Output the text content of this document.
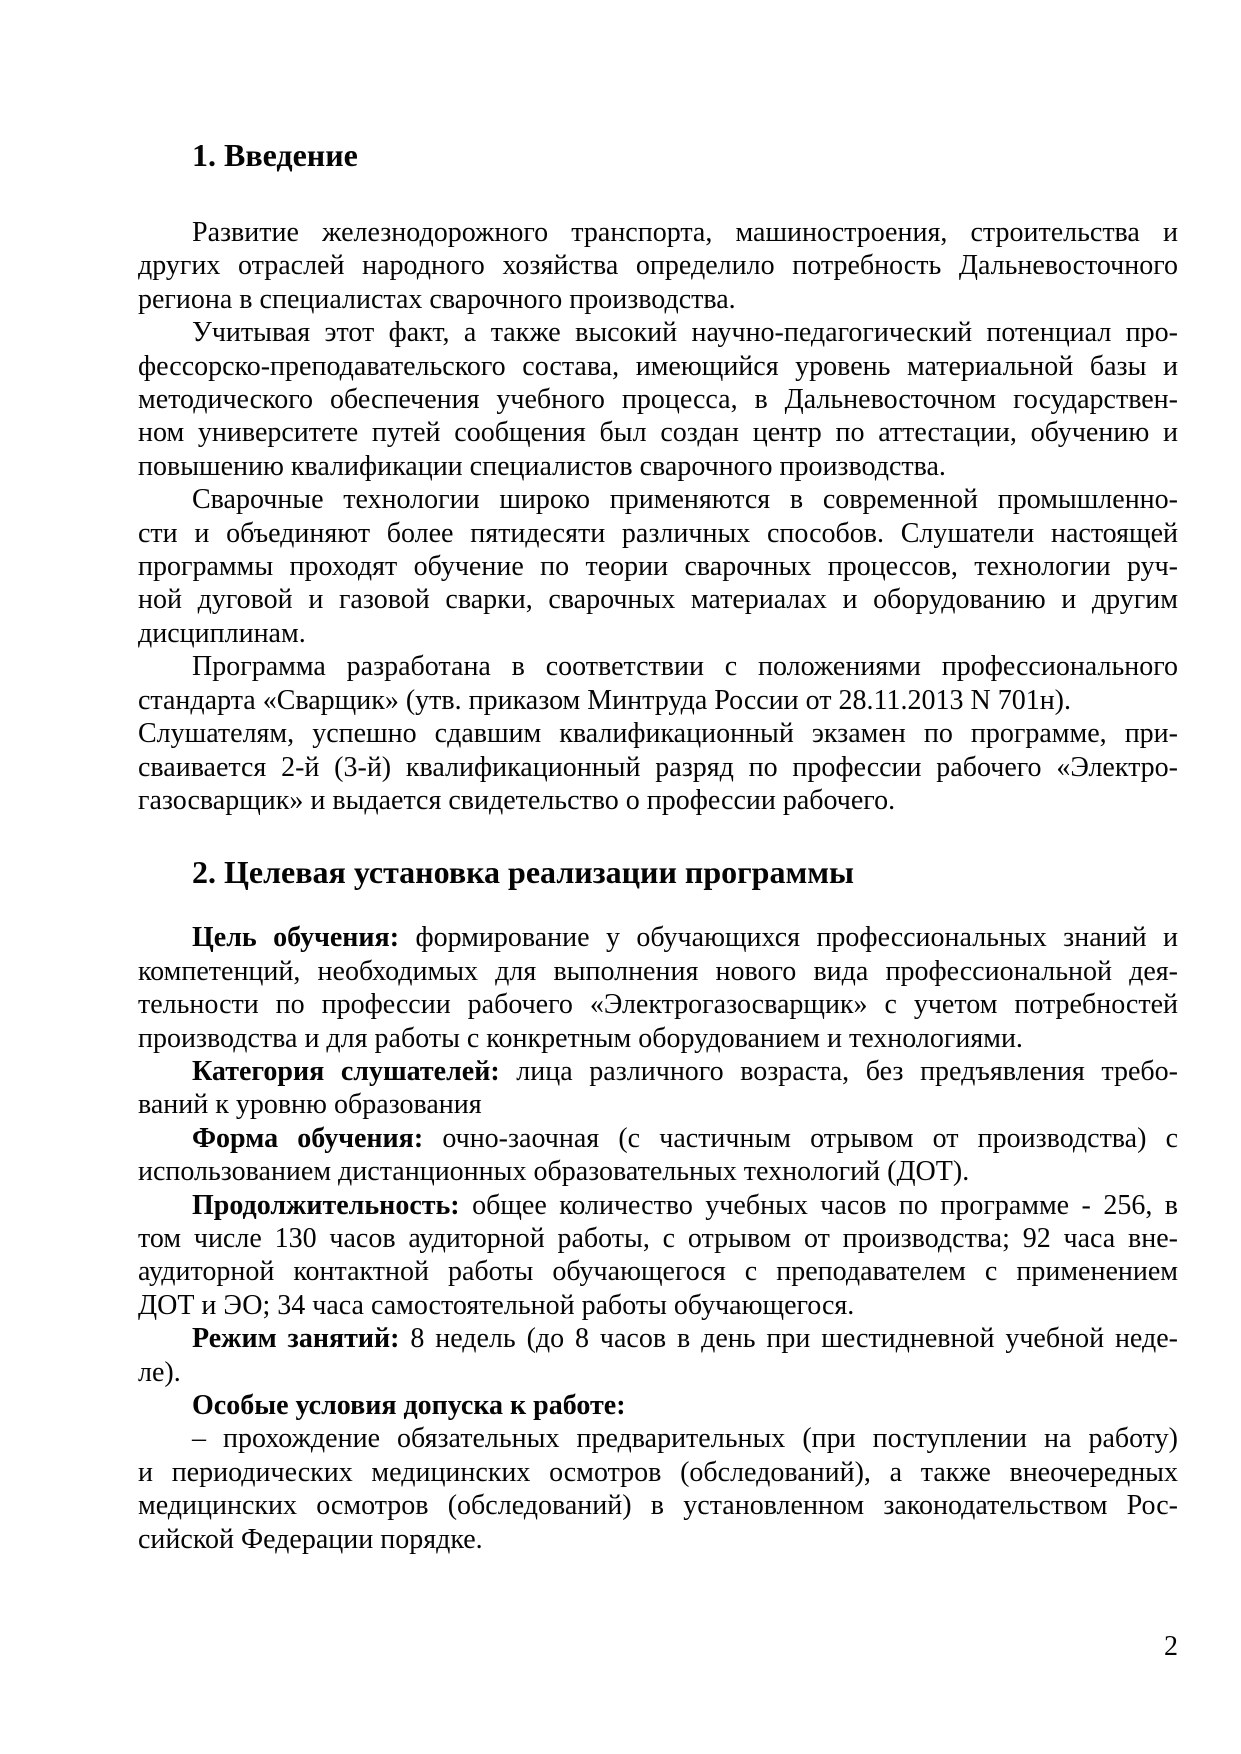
1. Введение
Развитие железнодорожного транспорта, машиностроения, строительства и
других отраслей народного хозяйства определило потребность Дальневосточного
региона в специалистах сварочного производства.
Учитывая этот факт, а также высокий научно-педагогический потенциал про-
фессорско-преподавательского состава, имеющийся уровень материальной базы и
методического обеспечения учебного процесса, в Дальневосточном государствен-
ном университете путей сообщения был создан центр по аттестации, обучению и
повышению квалификации специалистов сварочного производства.
Сварочные технологии широко применяются в современной промышленно-
сти и объединяют более пятидесяти различных способов. Слушатели настоящей
программы проходят обучение по теории сварочных процессов, технологии руч-
ной дуговой и газовой сварки, сварочных материалах и оборудованию и другим
дисциплинам.
Программа разработана в соответствии с положениями профессионального
стандарта «Сварщик» (утв. приказом Минтруда России от 28.11.2013 N 701н).
Слушателям, успешно сдавшим квалификационный экзамен по программе, при-
сваивается 2-й (3-й) квалификационный разряд по профессии рабочего «Электро-
газосварщик» и выдается свидетельство о профессии рабочего.
2. Целевая установка реализации программы
Цель обучения: формирование у обучающихся профессиональных знаний и
компетенций, необходимых для выполнения нового вида профессиональной дея-
тельности по профессии рабочего «Электрогазосварщик» с учетом потребностей
производства и для работы с конкретным оборудованием и технологиями.
Категория слушателей: лица различного возраста, без предъявления требо-
ваний к уровню образования
Форма обучения: очно-заочная (с частичным отрывом от производства) с
использованием дистанционных образовательных технологий (ДОТ).
Продолжительность: общее количество учебных часов по программе - 256, в
том числе 130 часов аудиторной работы, с отрывом от производства; 92 часа вне-
аудиторной контактной работы обучающегося с преподавателем с применением
ДОТ и ЭО; 34 часа самостоятельной работы обучающегося.
Режим занятий: 8 недель (до 8 часов в день при шестидневной учебной неде-
ле).
Особые условия допуска к работе:
– прохождение обязательных предварительных (при поступлении на работу)
и периодических медицинских осмотров (обследований), а также внеочередных
медицинских осмотров (обследований) в установленном законодательством Рос-
сийской Федерации порядке.
2
